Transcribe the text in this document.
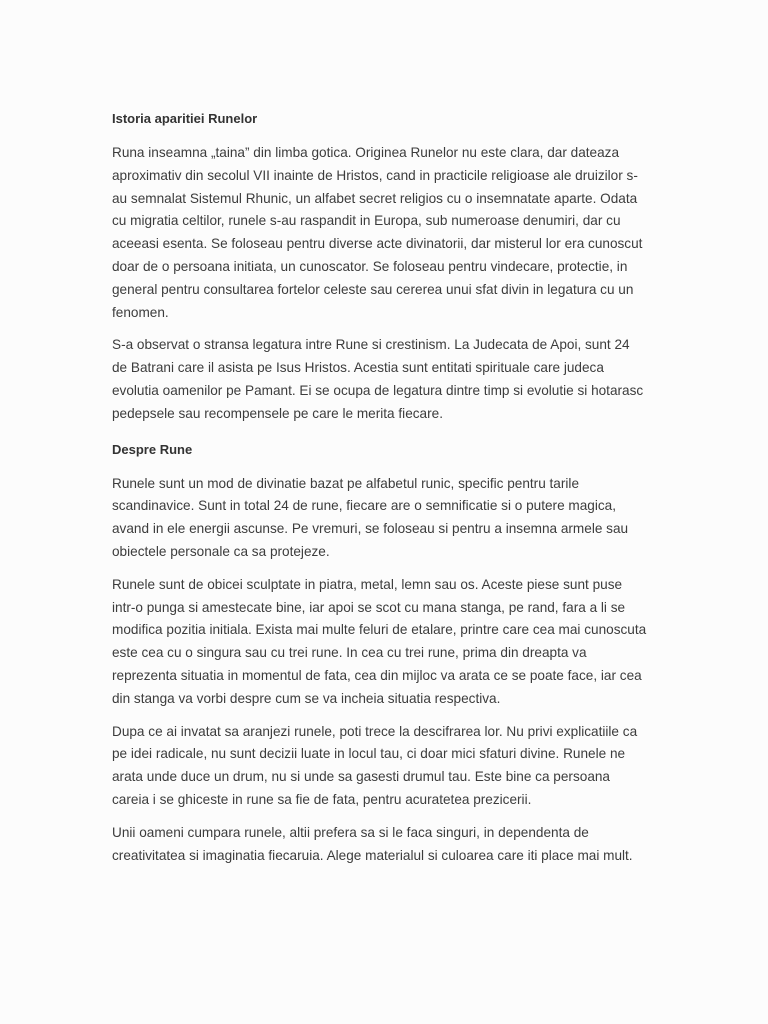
Istoria aparitiei Runelor

Runa inseamna „taina” din limba gotica. Originea Runelor nu este clara, dar dateaza aproximativ din secolul VII inainte de Hristos, cand in practicile religioase ale druizilor s-au semnalat Sistemul Rhunic, un alfabet secret religios cu o insemnatate aparte. Odata cu migratia celtilor, runele s-au raspandit in Europa, sub numeroase denumiri, dar cu aceeasi esenta. Se foloseau pentru diverse acte divinatorii, dar misterul lor era cunoscut doar de o persoana initiata, un cunoscator. Se foloseau pentru vindecare, protectie, in general pentru consultarea fortelor celeste sau cererea unui sfat divin in legatura cu un fenomen.

S-a observat o stransa legatura intre Rune si crestinism. La Judecata de Apoi, sunt 24 de Batrani care il asista pe Isus Hristos. Acestia sunt entitati spirituale care judeca evolutia oamenilor pe Pamant. Ei se ocupa de legatura dintre timp si evolutie si hotarasc pedepsele sau recompensele pe care le merita fiecare.

Despre Rune

Runele sunt un mod de divinatie bazat pe alfabetul runic, specific pentru tarile scandinavice. Sunt in total 24 de rune, fiecare are o semnificatie si o putere magica, avand in ele energii ascunse. Pe vremuri, se foloseau si pentru a insemna armele sau obiectele personale ca sa protejeze.

Runele sunt de obicei sculptate in piatra, metal, lemn sau os. Aceste piese sunt puse intr-o punga si amestecate bine, iar apoi se scot cu mana stanga, pe rand, fara a li se modifica pozitia initiala. Exista mai multe feluri de etalare, printre care cea mai cunoscuta este cea cu o singura sau cu trei rune. In cea cu trei rune, prima din dreapta va reprezenta situatia in momentul de fata, cea din mijloc va arata ce se poate face, iar cea din stanga va vorbi despre cum se va incheia situatia respectiva.

Dupa ce ai invatat sa aranjezi runele, poti trece la descifrarea lor. Nu privi explicatiile ca pe idei radicale, nu sunt decizii luate in locul tau, ci doar mici sfaturi divine. Runele ne arata unde duce un drum, nu si unde sa gasesti drumul tau. Este bine ca persoana careia i se ghiceste in rune sa fie de fata, pentru acuratetea prezicerii.

Unii oameni cumpara runele, altii prefera sa si le faca singuri, in dependenta de creativitatea si imaginatia fiecaruia. Alege materialul si culoarea care iti place mai mult.
